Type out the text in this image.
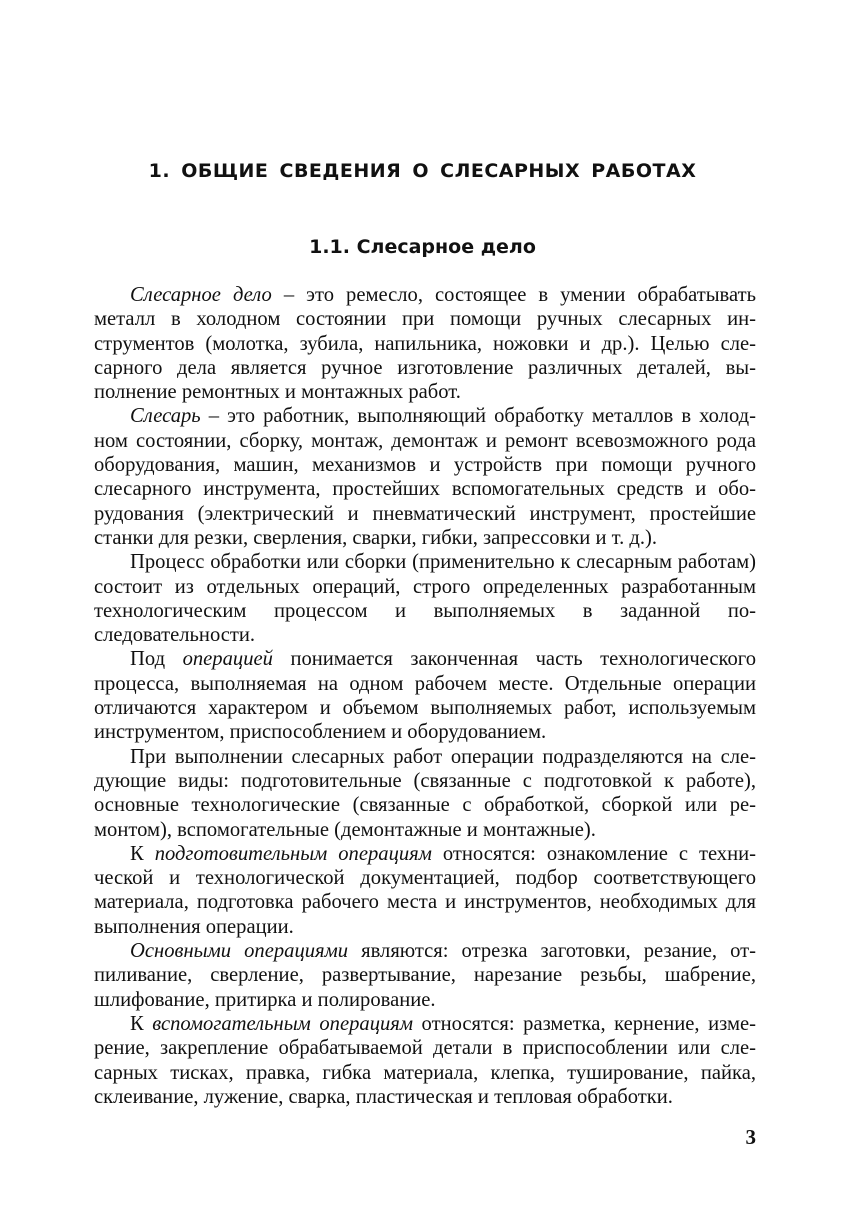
1. ОБЩИЕ СВЕДЕНИЯ О СЛЕСАРНЫХ РАБОТАХ
1.1. Слесарное дело

Слесарное дело – это ремесло, состоящее в умении обрабатывать металл в холодном состоянии при помощи ручных слесарных инструментов (молотка, зубила, напильника, ножовки и др.). Целью слесарного дела является ручное изготовление различных деталей, выполнение ремонтных и монтажных работ.

Слесарь – это работник, выполняющий обработку металлов в холодном состоянии, сборку, монтаж, демонтаж и ремонт всевозможного рода оборудования, машин, механизмов и устройств при помощи ручного слесарного инструмента, простейших вспомогательных средств и оборудования (электрический и пневматический инструмент, простейшие станки для резки, сверления, сварки, гибки, запрессовки и т. д.).

Процесс обработки или сборки (применительно к слесарным работам) состоит из отдельных операций, строго определенных разработанным технологическим процессом и выполняемых в заданной последовательности.

Под операцией понимается законченная часть технологического процесса, выполняемая на одном рабочем месте. Отдельные операции отличаются характером и объемом выполняемых работ, используемым инструментом, приспособлением и оборудованием.

При выполнении слесарных работ операции подразделяются на следующие виды: подготовительные (связанные с подготовкой к работе), основные технологические (связанные с обработкой, сборкой или ремонтом), вспомогательные (демонтажные и монтажные).

К подготовительным операциям относятся: ознакомление с технической и технологической документацией, подбор соответствующего материала, подготовка рабочего места и инструментов, необходимых для выполнения операции.

Основными операциями являются: отрезка заготовки, резание, отпиливание, сверление, развертывание, нарезание резьбы, шабрение, шлифование, притирка и полирование.

К вспомогательным операциям относятся: разметка, кернение, измерение, закрепление обрабатываемой детали в приспособлении или слесарных тисках, правка, гибка материала, клепка, туширование, пайка, склеивание, лужение, сварка, пластическая и тепловая обработки.

3
